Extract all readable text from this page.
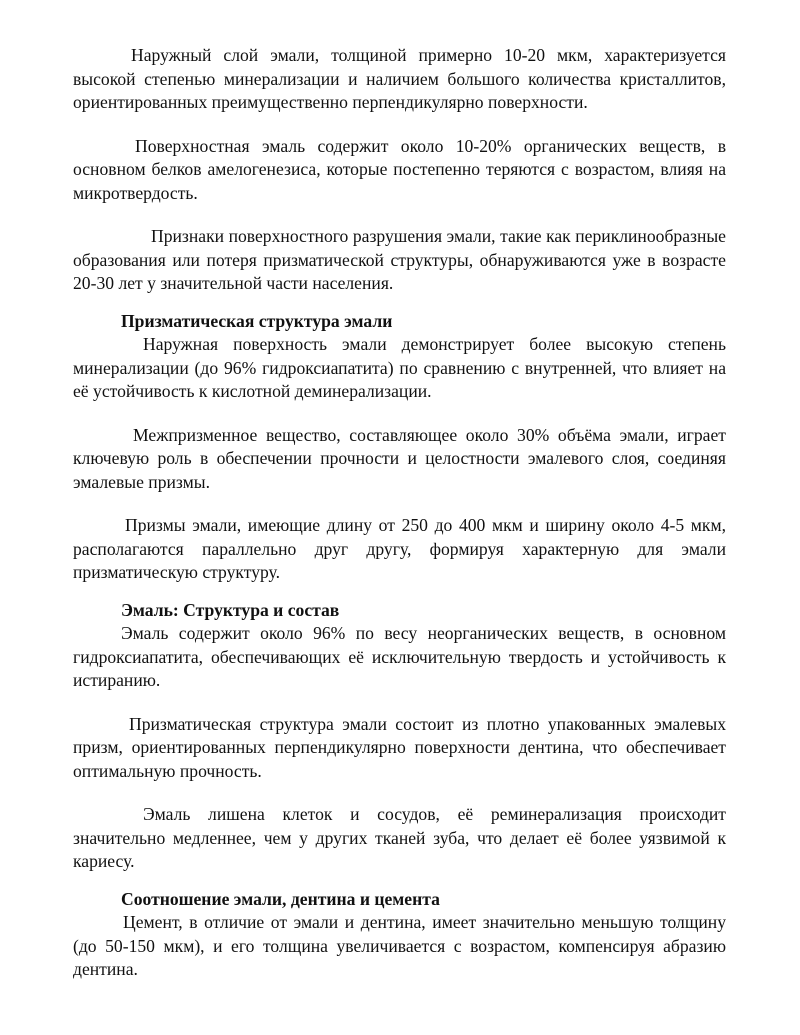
Наружный слой эмали, толщиной примерно 10-20 мкм, характеризуется высокой степенью минерализации и наличием большого количества кристаллитов, ориентированных преимущественно перпендикулярно поверхности.

Поверхностная эмаль содержит около 10-20% органических веществ, в основном белков амелогенезиса, которые постепенно теряются с возрастом, влияя на микротвердость.

Признаки поверхностного разрушения эмали, такие как периклинообразные образования или потеря призматической структуры, обнаруживаются уже в возрасте 20-30 лет у значительной части населения.

Призматическая структура эмали

Наружная поверхность эмали демонстрирует более высокую степень минерализации (до 96% гидроксиапатита) по сравнению с внутренней, что влияет на её устойчивость к кислотной деминерализации.

Межпризменное вещество, составляющее около 30% объёма эмали, играет ключевую роль в обеспечении прочности и целостности эмалевого слоя, соединяя эмалевые призмы.

Призмы эмали, имеющие длину от 250 до 400 мкм и ширину около 4-5 мкм, располагаются параллельно друг другу, формируя характерную для эмали призматическую структуру.

Эмаль: Структура и состав

Эмаль содержит около 96% по весу неорганических веществ, в основном гидроксиапатита, обеспечивающих её исключительную твердость и устойчивость к истиранию.

Призматическая структура эмали состоит из плотно упакованных эмалевых призм, ориентированных перпендикулярно поверхности дентина, что обеспечивает оптимальную прочность.

Эмаль лишена клеток и сосудов, её реминерализация происходит значительно медленнее, чем у других тканей зуба, что делает её более уязвимой к кариесу.

Соотношение эмали, дентина и цемента

Цемент, в отличие от эмали и дентина, имеет значительно меньшую толщину (до 50-150 мкм), и его толщина увеличивается с возрастом, компенсируя абразию дентина.
